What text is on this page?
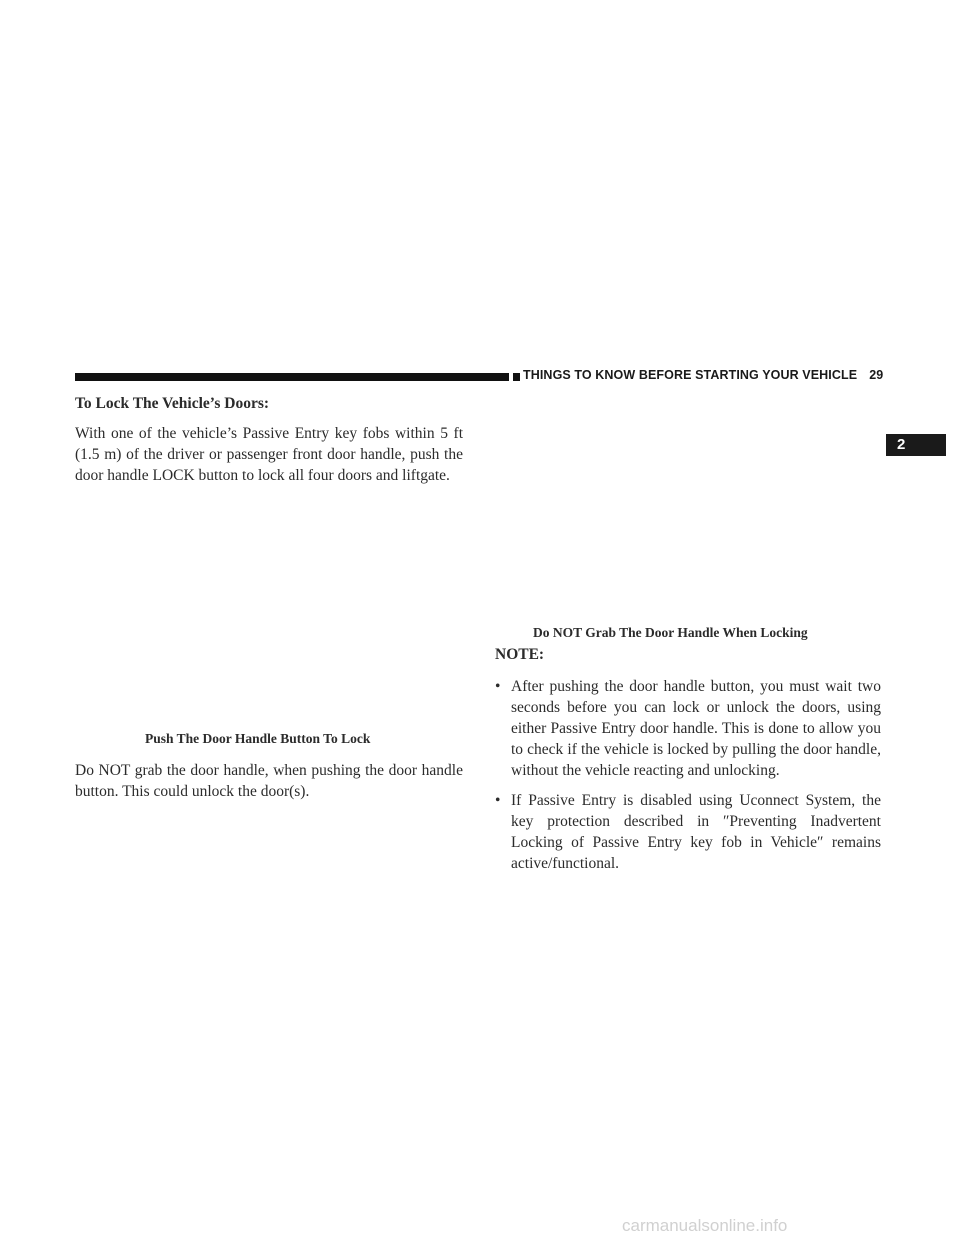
THINGS TO KNOW BEFORE STARTING YOUR VEHICLE 29
2
To Lock The Vehicle’s Doors:

With one of the vehicle’s Passive Entry key fobs within 5 ft (1.5 m) of the driver or passenger front door handle, push the door handle LOCK button to lock all four doors and liftgate.

Push The Door Handle Button To Lock

Do NOT grab the door handle, when pushing the door handle button. This could unlock the door(s).

Do NOT Grab The Door Handle When Locking
NOTE:
• After pushing the door handle button, you must wait two seconds before you can lock or unlock the doors, using either Passive Entry door handle. This is done to allow you to check if the vehicle is locked by pulling the door handle, without the vehicle reacting and unlocking.
• If Passive Entry is disabled using Uconnect System, the key protection described in ″Preventing Inadvertent Locking of Passive Entry key fob in Vehicle″ remains active/functional.
carmanualsonline.info
